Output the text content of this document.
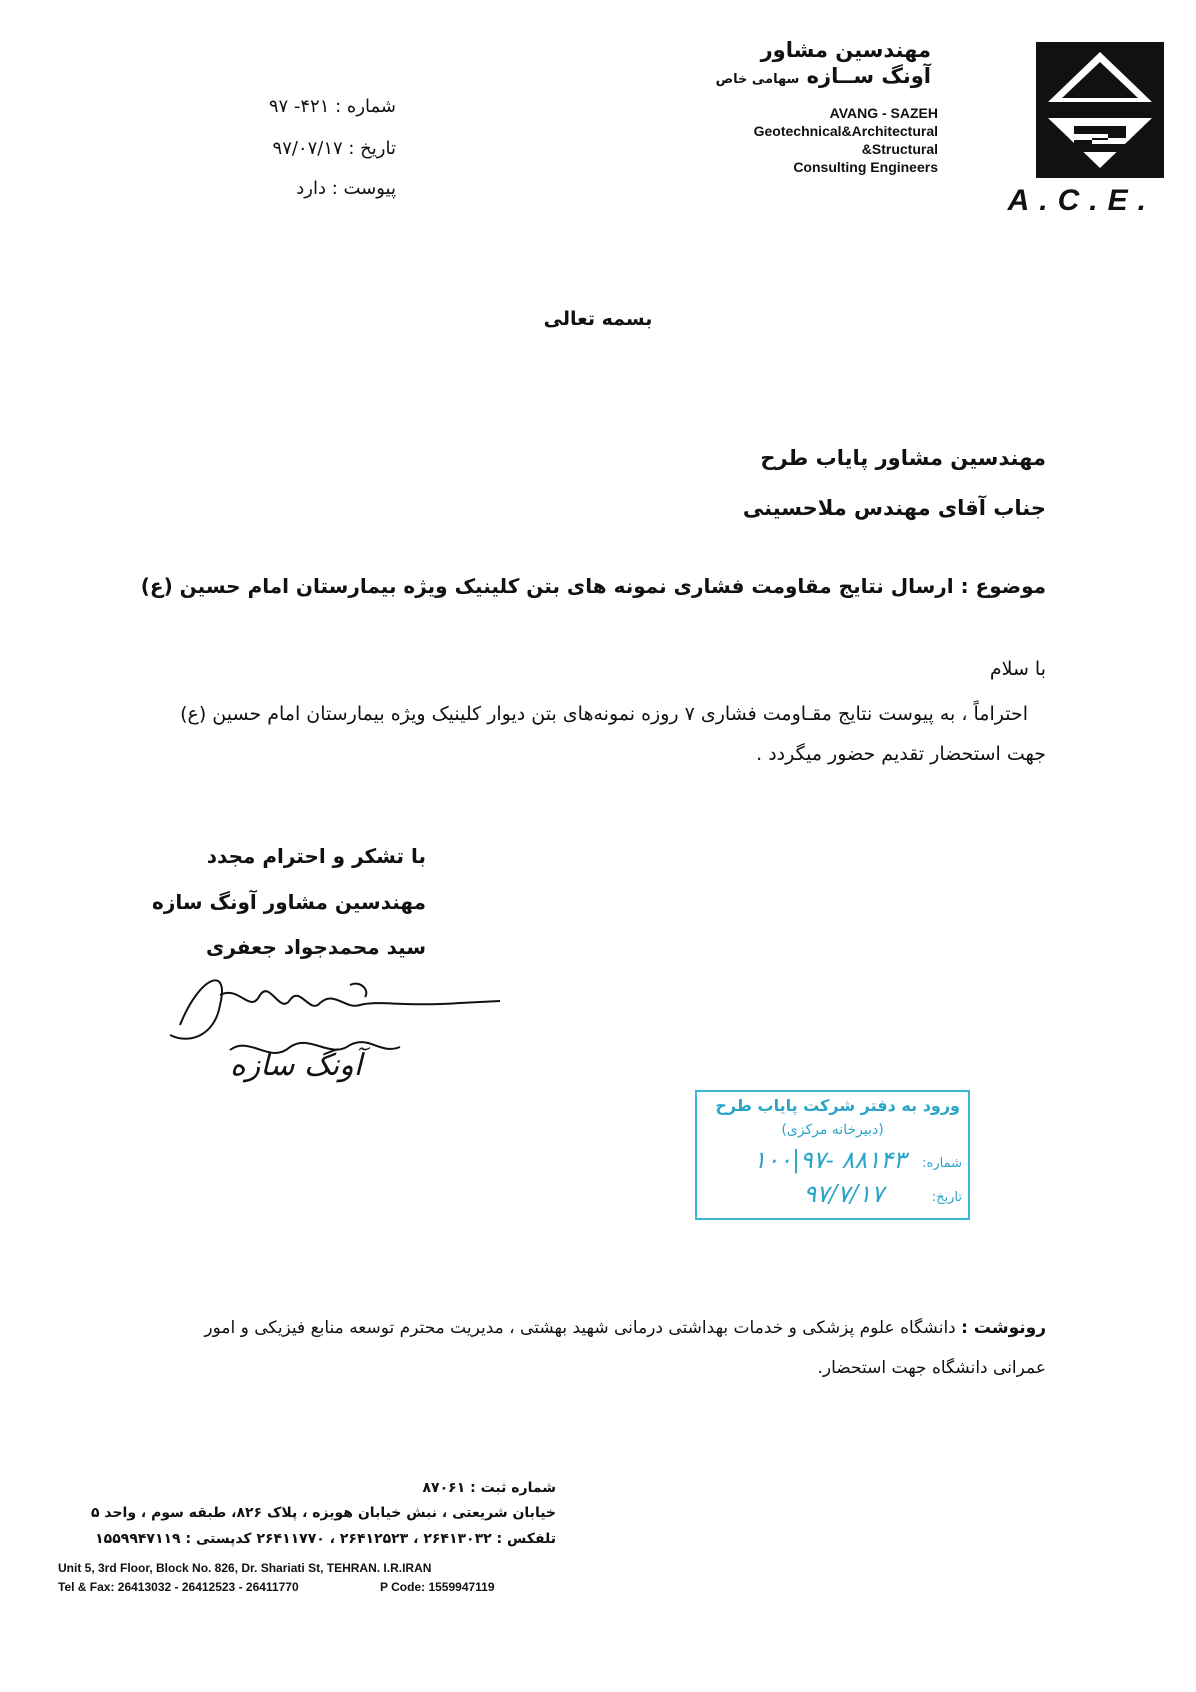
مهندسین مشاور
آونگ ســازه سهامی خاص
AVANG - SAZEH
Geotechnical&Architectural
&Structural
Consulting Engineers
A.C.E.
شماره : ۴۲۱- ۹۷
تاریخ : ۹۷/۰۷/۱۷
پیوست : دارد
بسمه تعالی
مهندسین مشاور پایاب طرح
جناب آقای مهندس ملاحسینی
موضوع : ارسال نتایج مقاومت فشاری نمونه های بتن کلینیک ویژه بیمارستان امام حسین (ع)
با سلام
احتراماً ، به پیوست نتایج مقـاومت فشاری ۷ روزه نمونه‌های بتن دیوار کلینیک ویژه بیمارستان امام حسین (ع) جهت استحضار تقدیم حضور میگردد .
با تشکر و احترام مجدد
مهندسین مشاور آونگ سازه
سید محمدجواد جعفری
آونگ سازه
ورود به دفتر شرکت پایاب طرح
(دبیرخانه مرکزی)
شماره:
۱۰۰|۹۷- ۸۸۱۴۳
تاریخ:
۹۷/۷/۱۷
رونوشت : دانشگاه علوم پزشکی و خدمات بهداشتی درمانی شهید بهشتی ، مدیریت محترم توسعه منابع فیزیکی و امور عمرانی دانشگاه جهت استحضار.
شماره ثبت : ۸۷۰۶۱
خیابان شریعتی ، نبش خیابان هویزه ، پلاک ۸۲۶، طبقه سوم ، واحد ۵
تلفکس : ۲۶۴۱۳۰۳۲ ، ۲۶۴۱۲۵۲۳ ، ۲۶۴۱۱۷۷۰ کدپستی : ۱۵۵۹۹۴۷۱۱۹
Unit 5, 3rd Floor, Block No. 826, Dr. Shariati St, TEHRAN. I.R.IRAN
Tel & Fax: 26413032 - 26412523 - 26411770	P Code: 1559947119
